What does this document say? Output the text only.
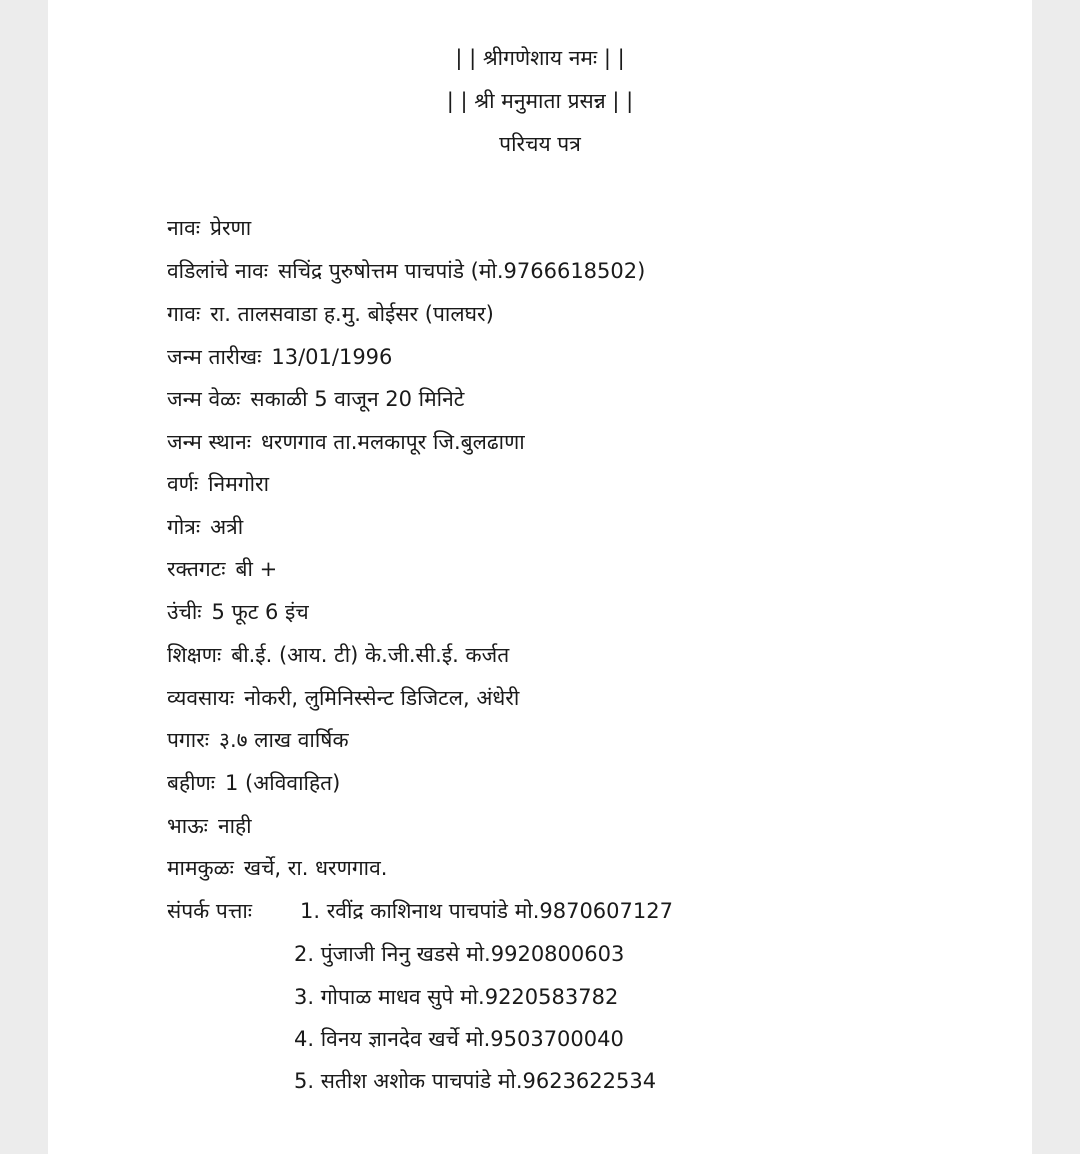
| | श्रीगणेशाय नमः | |
| | श्री मनुमाता प्रसन्न | |
परिचय पत्र
नावः प्रेरणा
वडिलांचे नावः सचिंद्र पुरुषोत्तम पाचपांडे (मो.9766618502)
गावः रा. तालसवाडा ह.मु. बोईसर (पालघर)
जन्म तारीखः 13/01/1996
जन्म वेळः सकाळी 5 वाजून 20 मिनिटे
जन्म स्थानः धरणगाव ता.मलकापूर जि.बुलढाणा
वर्णः निमगोरा
गोत्रः अत्री
रक्तगटः बी +
उंचीः 5 फूट 6 इंच
शिक्षणः बी.ई. (आय. टी) के.जी.सी.ई. कर्जत
व्यवसायः नोकरी, लुमिनिस्सेन्ट डिजिटल, अंधेरी
पगारः ३.७ लाख वार्षिक
बहीणः 1 (अविवाहित)
भाऊः नाही
मामकुळः खर्चे, रा. धरणगाव.
संपर्क पत्ताः 1. रवींद्र काशिनाथ पाचपांडे मो.9870607127
2. पुंजाजी निनु खडसे मो.9920800603
3. गोपाळ माधव सुपे मो.9220583782
4. विनय ज्ञानदेव खर्चे मो.9503700040
5. सतीश अशोक पाचपांडे मो.9623622534
